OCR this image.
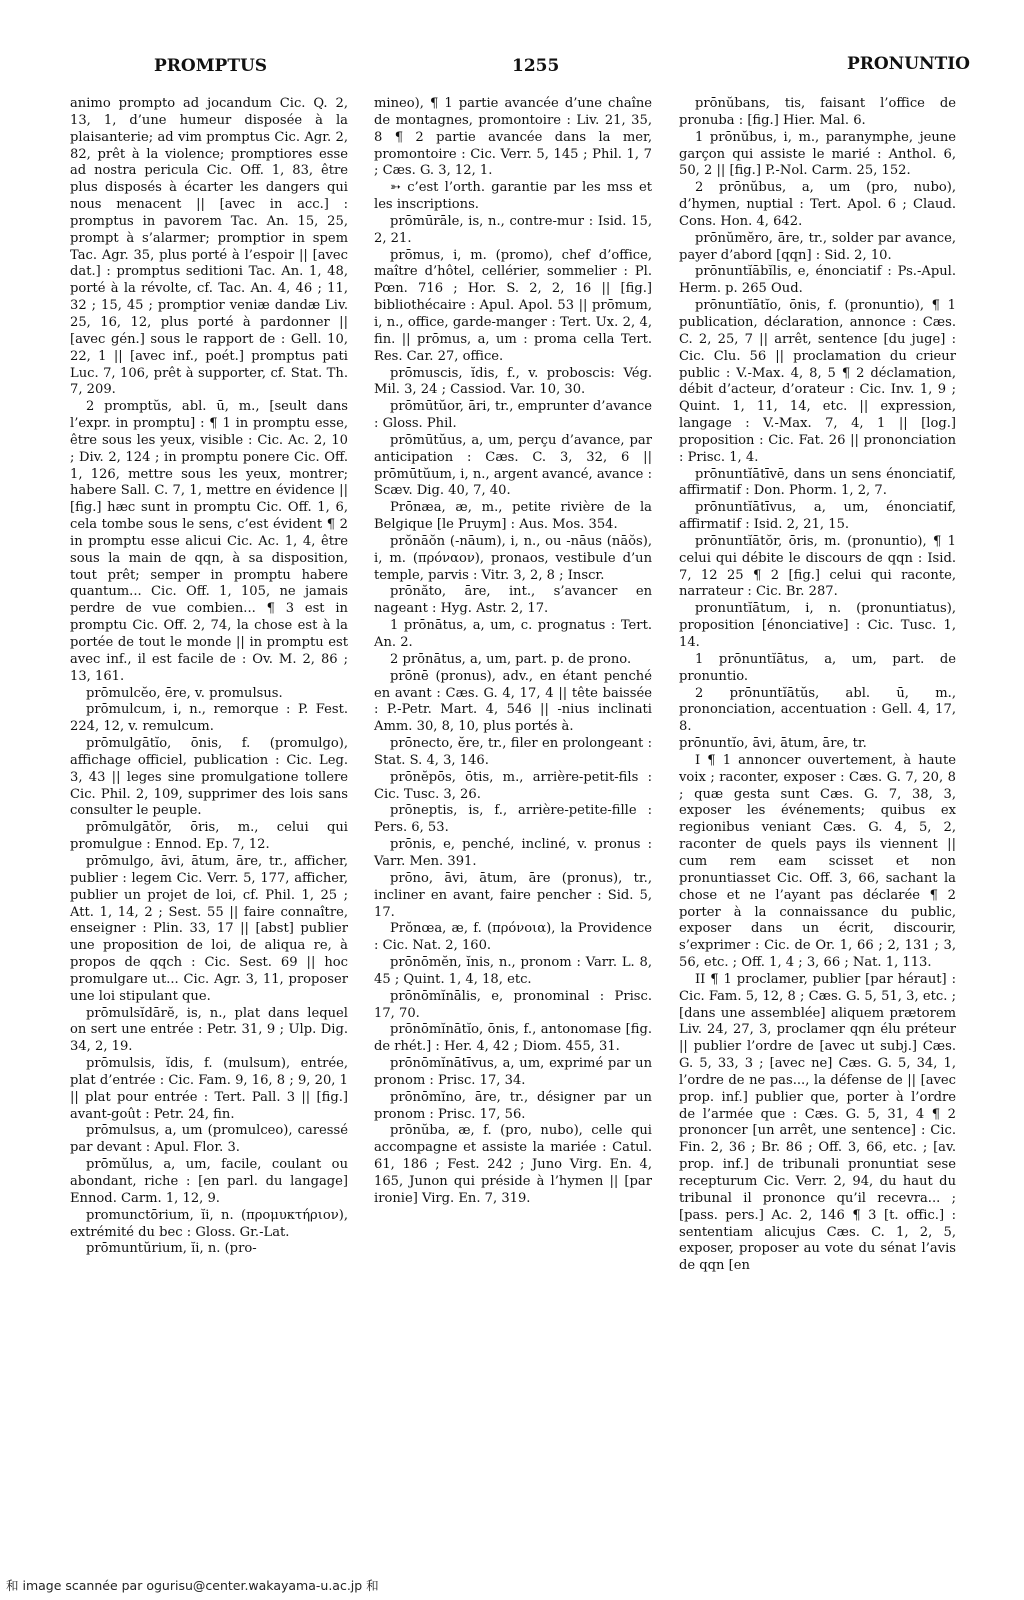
PROMPTUS	1255	PRONUNTIO

animo prompto ad jocandum Cic. Q. 2, 13, 1, d’une humeur disposée à la plaisanterie; ad vim promptus Cic. Agr. 2, 82, prêt à la violence; promptiores esse ad nostra pericula Cic. Off. 1, 83, être plus disposés à écarter les dangers qui nous menacent || [avec in acc.] : promptus in pavorem Tac. An. 15, 25, prompt à s’alarmer; promptior in spem Tac. Agr. 35, plus porté à l’espoir || [avec dat.] : promptus seditioni Tac. An. 1, 48, porté à la révolte, cf. Tac. An. 4, 46 ; 11, 32 ; 15, 45 ; promptior veniæ dandæ Liv. 25, 16, 12, plus porté à pardonner || [avec gén.] sous le rapport de : Gell. 10, 22, 1 || [avec inf., poét.] promptus pati Luc. 7, 106, prêt à supporter, cf. Stat. Th. 7, 209.

2 promptŭs, abl. ū, m., [seult dans l’expr. in promptu] : ¶ 1 in promptu esse, être sous les yeux, visible : Cic. Ac. 2, 10 ; Div. 2, 124 ; in promptu ponere Cic. Off. 1, 126, mettre sous les yeux, montrer; habere Sall. C. 7, 1, mettre en évidence || [fig.] hæc sunt in promptu Cic. Off. 1, 6, cela tombe sous le sens, c’est évident ¶ 2 in promptu esse alicui Cic. Ac. 1, 4, être sous la main de qqn, à sa disposition, tout prêt; semper in promptu habere quantum... Cic. Off. 1, 105, ne jamais perdre de vue combien... ¶ 3 est in promptu Cic. Off. 2, 74, la chose est à la portée de tout le monde || in promptu est avec inf., il est facile de : Ov. M. 2, 86 ; 13, 161.

prōmulcĕo, ēre, v. promulsus.

prōmulcum, i, n., remorque : P. Fest. 224, 12, v. remulcum.

prōmulgātĭo, ōnis, f. (promulgo), affichage officiel, publication : Cic. Leg. 3, 43 || leges sine promulgatione tollere Cic. Phil. 2, 109, supprimer des lois sans consulter le peuple.

prōmulgātŏr, ōris, m., celui qui promulgue : Ennod. Ep. 7, 12.

prōmulgo, āvi, ātum, āre, tr., afficher, publier : legem Cic. Verr. 5, 177, afficher, publier un projet de loi, cf. Phil. 1, 25 ; Att. 1, 14, 2 ; Sest. 55 || faire connaître, enseigner : Plin. 33, 17 || [abst] publier une proposition de loi, de aliqua re, à propos de qqch : Cic. Sest. 69 || hoc promulgare ut... Cic. Agr. 3, 11, proposer une loi stipulant que.

prōmulsĭdārĕ, is, n., plat dans lequel on sert une entrée : Petr. 31, 9 ; Ulp. Dig. 34, 2, 19.

prōmulsis, ĭdis, f. (mulsum), entrée, plat d’entrée : Cic. Fam. 9, 16, 8 ; 9, 20, 1 || plat pour entrée : Tert. Pall. 3 || [fig.] avant-goût : Petr. 24, fin.

prōmulsus, a, um (promulceo), caressé par devant : Apul. Flor. 3.

prōmŭlus, a, um, facile, coulant ou abondant, riche : [en parl. du langage] Ennod. Carm. 1, 12, 9.

promunctōrium, ĭi, n. (προμυκτήριον), extrémité du bec : Gloss. Gr.-Lat.

prōmuntŭrium, ĭi, n. (pro-

mineo), ¶ 1 partie avancée d’une chaîne de montagnes, promontoire : Liv. 21, 35, 8 ¶ 2 partie avancée dans la mer, promontoire : Cic. Verr. 5, 145 ; Phil. 1, 7 ; Cæs. G. 3, 12, 1.

➳ c’est l’orth. garantie par les mss et les inscriptions.

prōmūrāle, is, n., contre-mur : Isid. 15, 2, 21.

prōmus, i, m. (promo), chef d’office, maître d’hôtel, cellérier, sommelier : Pl. Pœn. 716 ; Hor. S. 2, 2, 16 || [fig.] bibliothécaire : Apul. Apol. 53 || prōmum, i, n., office, garde-manger : Tert. Ux. 2, 4, fin. || prōmus, a, um : proma cella Tert. Res. Car. 27, office.

prōmuscis, ĭdis, f., v. proboscis: Vég. Mil. 3, 24 ; Cassiod. Var. 10, 30.

prōmūtŭor, āri, tr., emprunter d’avance : Gloss. Phil.

prōmūtŭus, a, um, perçu d’avance, par anticipation : Cæs. C. 3, 32, 6 || prōmūtŭum, i, n., argent avancé, avance : Scæv. Dig. 40, 7, 40.

Prōnæa, æ, m., petite rivière de la Belgique [le Pruym] : Aus. Mos. 354.

prŏnāŏn (-nāum), i, n., ou -nāus (nāŏs), i, m. (πρόναον), pronaos, vestibule d’un temple, parvis : Vitr. 3, 2, 8 ; Inscr.

prōnăto, āre, int., s’avancer en nageant : Hyg. Astr. 2, 17.

1 prōnātus, a, um, c. prognatus : Tert. An. 2.

2 prōnātus, a, um, part. p. de prono.

prōnē (pronus), adv., en étant penché en avant : Cæs. G. 4, 17, 4 || tête baissée : P.-Petr. Mart. 4, 546 || -nius inclinati Amm. 30, 8, 10, plus portés à.

prōnecto, ĕre, tr., filer en prolongeant : Stat. S. 4, 3, 146.

prōnĕpōs, ōtis, m., arrière-petit-fils : Cic. Tusc. 3, 26.

prōneptis, is, f., arrière-petite-fille : Pers. 6, 53.

prōnis, e, penché, incliné, v. pronus : Varr. Men. 391.

prōno, āvi, ātum, āre (pronus), tr., incliner en avant, faire pencher : Sid. 5, 17.

Prŏnœa, æ, f. (πρόνοια), la Providence : Cic. Nat. 2, 160.

prōnōmĕn, ĭnis, n., pronom : Varr. L. 8, 45 ; Quint. 1, 4, 18, etc.

prōnōmĭnālis, e, pronominal : Prisc. 17, 70.

prōnōmĭnātĭo, ōnis, f., antonomase [fig. de rhét.] : Her. 4, 42 ; Diom. 455, 31.

prōnōmĭnātīvus, a, um, exprimé par un pronom : Prisc. 17, 34.

prōnōmĭno, āre, tr., désigner par un pronom : Prisc. 17, 56.

prōnŭba, æ, f. (pro, nubo), celle qui accompagne et assiste la mariée : Catul. 61, 186 ; Fest. 242 ; Juno Virg. En. 4, 165, Junon qui préside à l’hymen || [par ironie] Virg. En. 7, 319.

prōnŭbans, tis, faisant l’office de pronuba : [fig.] Hier. Mal. 6.

1 prōnŭbus, i, m., paranymphe, jeune garçon qui assiste le marié : Anthol. 6, 50, 2 || [fig.] P.-Nol. Carm. 25, 152.

2 prōnŭbus, a, um (pro, nubo), d’hymen, nuptial : Tert. Apol. 6 ; Claud. Cons. Hon. 4, 642.

prōnŭmĕro, āre, tr., solder par avance, payer d’abord [qqn] : Sid. 2, 10.

prōnuntĭābĭlis, e, énonciatif : Ps.-Apul. Herm. p. 265 Oud.

prōnuntĭātĭo, ōnis, f. (pronuntio), ¶ 1 publication, déclaration, annonce : Cæs. C. 2, 25, 7 || arrêt, sentence [du juge] : Cic. Clu. 56 || proclamation du crieur public : V.-Max. 4, 8, 5 ¶ 2 déclamation, débit d’acteur, d’orateur : Cic. Inv. 1, 9 ; Quint. 1, 11, 14, etc. || expression, langage : V.-Max. 7, 4, 1 || [log.] proposition : Cic. Fat. 26 || prononciation : Prisc. 1, 4.

prōnuntĭātīvē, dans un sens énonciatif, affirmatif : Don. Phorm. 1, 2, 7.

prōnuntĭātīvus, a, um, énonciatif, affirmatif : Isid. 2, 21, 15.

prōnuntĭātŏr, ōris, m. (pronuntio), ¶ 1 celui qui débite le discours de qqn : Isid. 7, 12 25 ¶ 2 [fig.] celui qui raconte, narrateur : Cic. Br. 287.

pronuntĭātum, i, n. (pronuntiatus), proposition [énonciative] : Cic. Tusc. 1, 14.

1 prōnuntĭātus, a, um, part. de pronuntio.

2 prōnuntĭātŭs, abl. ū, m., prononciation, accentuation : Gell. 4, 17, 8.

prōnuntĭo, āvi, ātum, āre, tr.

I ¶ 1 annoncer ouvertement, à haute voix ; raconter, exposer : Cæs. G. 7, 20, 8 ; quæ gesta sunt Cæs. G. 7, 38, 3, exposer les événements; quibus ex regionibus veniant Cæs. G. 4, 5, 2, raconter de quels pays ils viennent || cum rem eam scisset et non pronuntiasset Cic. Off. 3, 66, sachant la chose et ne l’ayant pas déclarée ¶ 2 porter à la connaissance du public, exposer dans un écrit, discourir, s’exprimer : Cic. de Or. 1, 66 ; 2, 131 ; 3, 56, etc. ; Off. 1, 4 ; 3, 66 ; Nat. 1, 113.

II ¶ 1 proclamer, publier [par héraut] : Cic. Fam. 5, 12, 8 ; Cæs. G. 5, 51, 3, etc. ; [dans une assemblée] aliquem prætorem Liv. 24, 27, 3, proclamer qqn élu préteur || publier l’ordre de [avec ut subj.] Cæs. G. 5, 33, 3 ; [avec ne] Cæs. G. 5, 34, 1, l’ordre de ne pas..., la défense de || [avec prop. inf.] publier que, porter à l’ordre de l’armée que : Cæs. G. 5, 31, 4 ¶ 2 prononcer [un arrêt, une sentence] : Cic. Fin. 2, 36 ; Br. 86 ; Off. 3, 66, etc. ; [av. prop. inf.] de tribunali pronuntiat sese recepturum Cic. Verr. 2, 94, du haut du tribunal il prononce qu’il recevra... ; [pass. pers.] Ac. 2, 146 ¶ 3 [t. offic.] : sententiam alicujus Cæs. C. 1, 2, 5, exposer, proposer au vote du sénat l’avis de qqn [en

和 image scannée par ogurisu@center.wakayama-u.ac.jp 和
